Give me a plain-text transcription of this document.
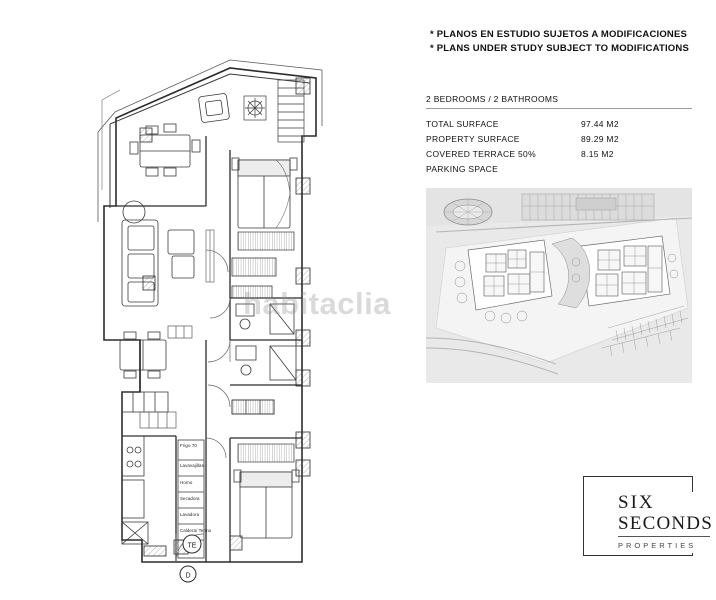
* PLANOS EN ESTUDIO SUJETOS A MODIFICACIONES
* PLANS UNDER STUDY SUBJECT TO MODIFICATIONS
2 BEDROOMS / 2 BATHROOMS
TOTAL SURFACE	97.44 M2
PROPERTY SURFACE	89.29 M2
COVERED TERRACE 50%	8.15 M2
PARKING SPACE
SIX
SECONDS
PROPERTIES
D
TE
Frigo 70
Lavavajillas
Horno
Secadora
Lavadora
Caldera/ Termo
habitaclia
